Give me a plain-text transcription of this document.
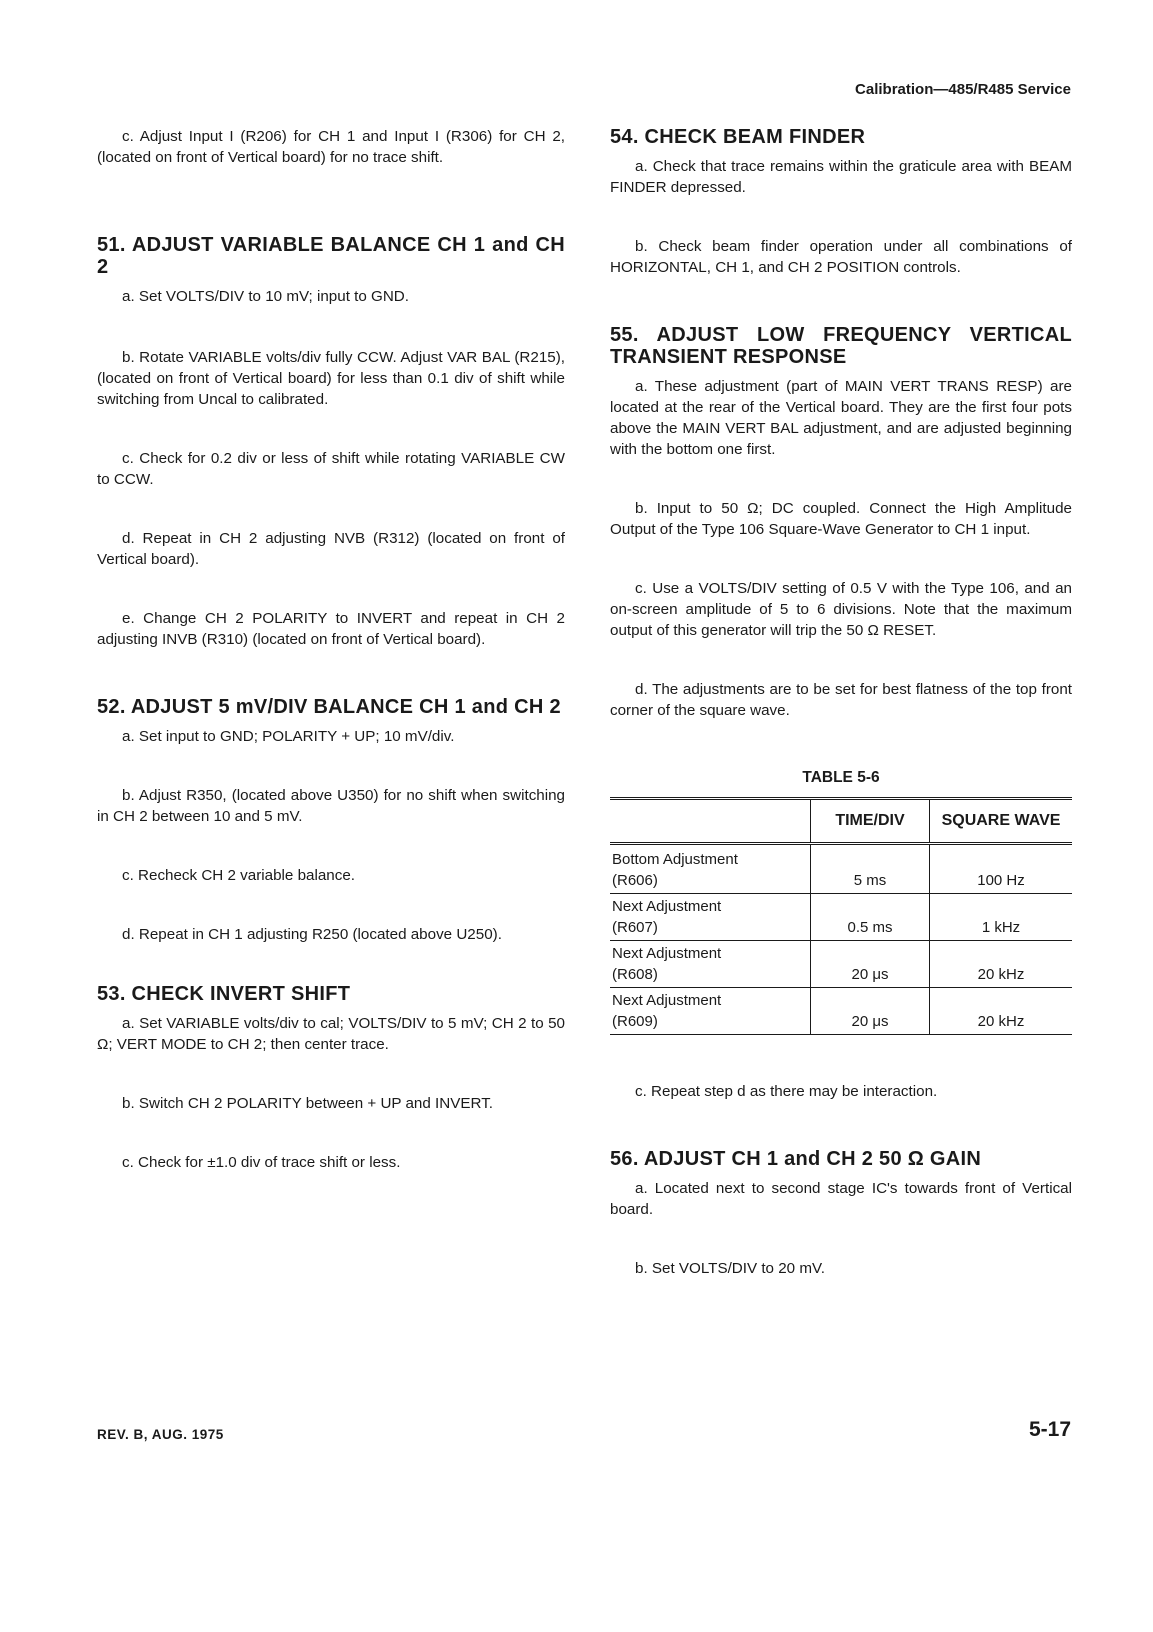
Calibration—485/R485 Service

c. Adjust Input I (R206) for CH 1 and Input I (R306) for CH 2, (located on front of Vertical board) for no trace shift.

51. ADJUST VARIABLE BALANCE CH 1 and CH 2

a. Set VOLTS/DIV to 10 mV; input to GND.

b. Rotate VARIABLE volts/div fully CCW. Adjust VAR BAL (R215), (located on front of Vertical board) for less than 0.1 div of shift while switching from Uncal to calibrated.

c. Check for 0.2 div or less of shift while rotating VARIABLE CW to CCW.

d. Repeat in CH 2 adjusting NVB (R312) (located on front of Vertical board).

e. Change CH 2 POLARITY to INVERT and repeat in CH 2 adjusting INVB (R310) (located on front of Vertical board).

52. ADJUST 5 mV/DIV BALANCE CH 1 and CH 2

a. Set input to GND; POLARITY + UP; 10 mV/div.

b. Adjust R350, (located above U350) for no shift when switching in CH 2 between 10 and 5 mV.

c. Recheck CH 2 variable balance.

d. Repeat in CH 1 adjusting R250 (located above U250).

53. CHECK INVERT SHIFT

a. Set VARIABLE volts/div to cal; VOLTS/DIV to 5 mV; CH 2 to 50 Ω; VERT MODE to CH 2; then center trace.

b. Switch CH 2 POLARITY between + UP and INVERT.

c. Check for ±1.0 div of trace shift or less.

54. CHECK BEAM FINDER

a. Check that trace remains within the graticule area with BEAM FINDER depressed.

b. Check beam finder operation under all combinations of HORIZONTAL, CH 1, and CH 2 POSITION controls.

55. ADJUST LOW FREQUENCY VERTICAL TRANSIENT RESPONSE

a. These adjustment (part of MAIN VERT TRANS RESP) are located at the rear of the Vertical board. They are the first four pots above the MAIN VERT BAL adjustment, and are adjusted beginning with the bottom one first.

b. Input to 50 Ω; DC coupled. Connect the High Amplitude Output of the Type 106 Square-Wave Generator to CH 1 input.

c. Use a VOLTS/DIV setting of 0.5 V with the Type 106, and an on-screen amplitude of 5 to 6 divisions. Note that the maximum output of this generator will trip the 50 Ω RESET.

d. The adjustments are to be set for best flatness of the top front corner of the square wave.

TABLE 5-6
	TIME/DIV	SQUARE WAVE

Bottom Adjustment
(R606)	5 ms	100 Hz

Next Adjustment
(R607)	0.5 ms	1 kHz

Next Adjustment
(R608)	20 μs	20 kHz

Next Adjustment
(R609)	20 μs	20 kHz

c. Repeat step d as there may be interaction.

56. ADJUST CH 1 and CH 2 50 Ω GAIN

a. Located next to second stage IC's towards front of Vertical board.

b. Set VOLTS/DIV to 20 mV.

REV. B, AUG. 1975	5-17
